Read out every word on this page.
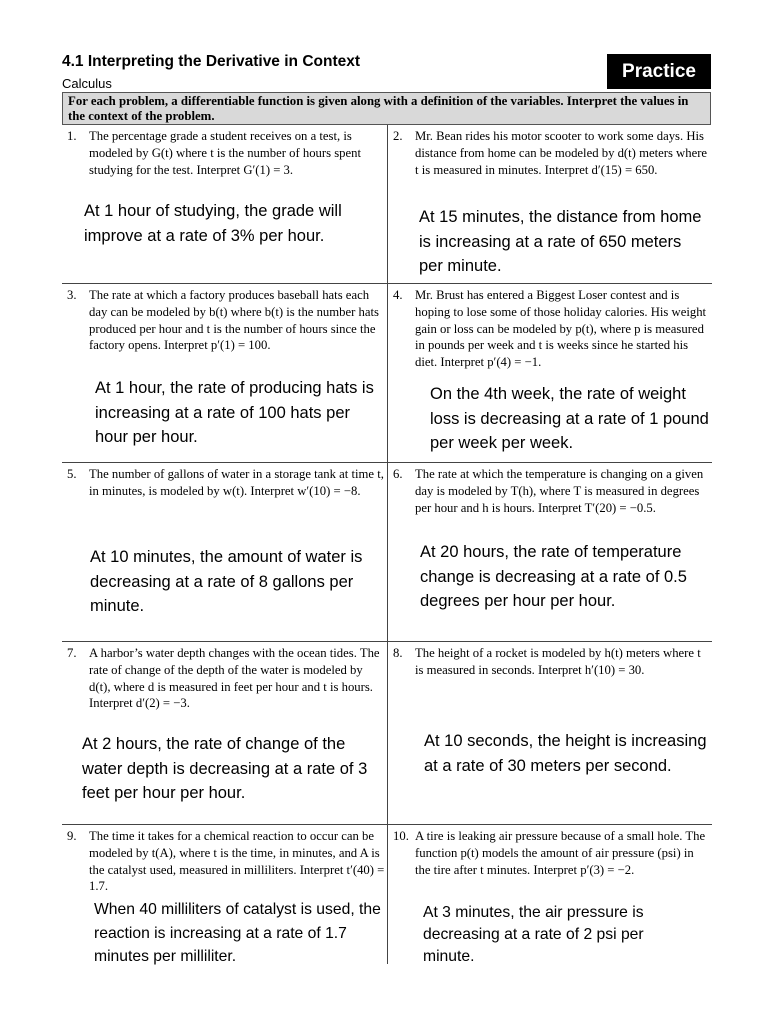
4.1 Interpreting the Derivative in Context
Calculus
Practice
For each problem, a differentiable function is given along with a definition of the variables. Interpret the values in the context of the problem.
1. The percentage grade a student receives on a test, is modeled by G(t) where t is the number of hours spent studying for the test. Interpret G′(1) = 3.
At 1 hour of studying, the grade will improve at a rate of 3% per hour.
2. Mr. Bean rides his motor scooter to work some days. His distance from home can be modeled by d(t) meters where t is measured in minutes. Interpret d′(15) = 650.
At 15 minutes, the distance from home is increasing at a rate of 650 meters per minute.
3. The rate at which a factory produces baseball hats each day can be modeled by b(t) where b(t) is the number hats produced per hour and t is the number of hours since the factory opens. Interpret p′(1) = 100.
At 1 hour, the rate of producing hats is increasing at a rate of 100 hats per hour per hour.
4. Mr. Brust has entered a Biggest Loser contest and is hoping to lose some of those holiday calories. His weight gain or loss can be modeled by p(t), where p is measured in pounds per week and t is weeks since he started his diet. Interpret p′(4) = −1.
On the 4th week, the rate of weight loss is decreasing at a rate of 1 pound per week per week.
5. The number of gallons of water in a storage tank at time t, in minutes, is modeled by w(t). Interpret w′(10) = −8.
At 10 minutes, the amount of water is decreasing at a rate of 8 gallons per minute.
6. The rate at which the temperature is changing on a given day is modeled by T(h), where T is measured in degrees per hour and h is hours. Interpret T′(20) = −0.5.
At 20 hours, the rate of temperature change is decreasing at a rate of 0.5 degrees per hour per hour.
7. A harbor’s water depth changes with the ocean tides. The rate of change of the depth of the water is modeled by d(t), where d is measured in feet per hour and t is hours. Interpret d′(2) = −3.
At 2 hours, the rate of change of the water depth is decreasing at a rate of 3 feet per hour per hour.
8. The height of a rocket is modeled by h(t) meters where t is measured in seconds. Interpret h′(10) = 30.
At 10 seconds, the height is increasing at a rate of 30 meters per second.
9. The time it takes for a chemical reaction to occur can be modeled by t(A), where t is the time, in minutes, and A is the catalyst used, measured in milliliters. Interpret t′(40) = 1.7.
When 40 milliliters of catalyst is used, the reaction is increasing at a rate of 1.7 minutes per milliliter.
10. A tire is leaking air pressure because of a small hole. The function p(t) models the amount of air pressure (psi) in the tire after t minutes. Interpret p′(3) = −2.
At 3 minutes, the air pressure is decreasing at a rate of 2 psi per minute.
